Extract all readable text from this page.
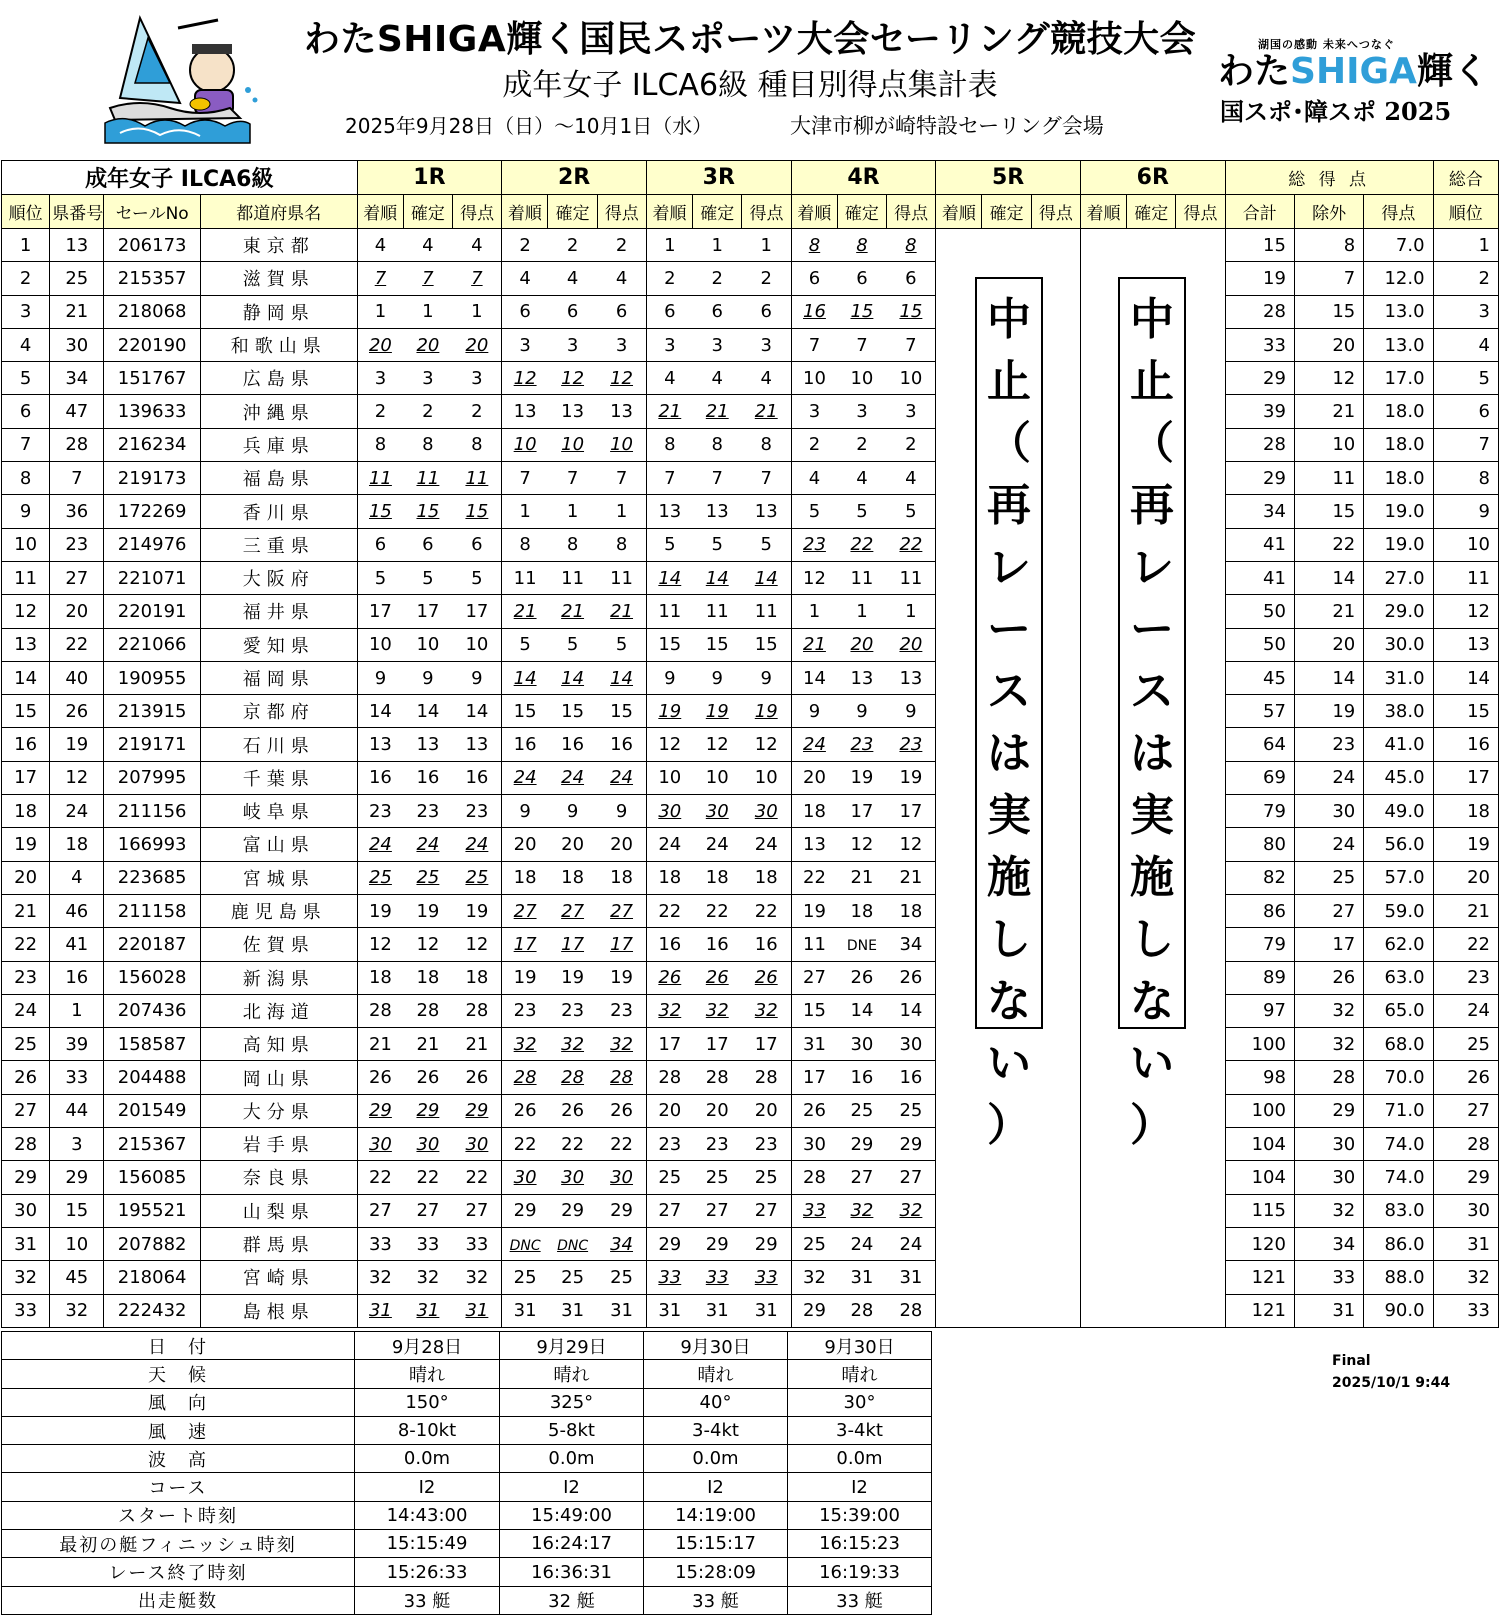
わたSHIGA輝く国民スポーツ大会セーリング競技大会
成年女子 ILCA6級 種目別得点集計表
2025年9月28日（日）～10月1日（水）	大津市柳が崎特設セーリング会場
湖国の感動 未来へつなぐ
わたSHIGA輝く
国スポ･障スポ 2025
成年女子 ILCA6級				1R			2R			3R			4R			5R			6R			総 得 点			総合
順位	県番号	セールNo	都道府県名	着順	確定	得点	着順	確定	得点	着順	確定	得点	着順	確定	得点	着順	確定	得点	着順	確定	得点	合計	除外	得点	順位
1	13	206173	東京都	4	4	4	2	2	2	1	1	1	8	8	8							15	8	7.0	1
2	25	215357	滋賀県	7	7	7	4	4	4	2	2	2	6	6	6							19	7	12.0	2
3	21	218068	静岡県	1	1	1	6	6	6	6	6	6	16	15	15							28	15	13.0	3
4	30	220190	和歌山県	20	20	20	3	3	3	3	3	3	7	7	7							33	20	13.0	4
5	34	151767	広島県	3	3	3	12	12	12	4	4	4	10	10	10							29	12	17.0	5
6	47	139633	沖縄県	2	2	2	13	13	13	21	21	21	3	3	3							39	21	18.0	6
7	28	216234	兵庫県	8	8	8	10	10	10	8	8	8	2	2	2							28	10	18.0	7
8	7	219173	福島県	11	11	11	7	7	7	7	7	7	4	4	4							29	11	18.0	8
9	36	172269	香川県	15	15	15	1	1	1	13	13	13	5	5	5							34	15	19.0	9
10	23	214976	三重県	6	6	6	8	8	8	5	5	5	23	22	22							41	22	19.0	10
11	27	221071	大阪府	5	5	5	11	11	11	14	14	14	12	11	11							41	14	27.0	11
12	20	220191	福井県	17	17	17	21	21	21	11	11	11	1	1	1							50	21	29.0	12
13	22	221066	愛知県	10	10	10	5	5	5	15	15	15	21	20	20							50	20	30.0	13
14	40	190955	福岡県	9	9	9	14	14	14	9	9	9	14	13	13							45	14	31.0	14
15	26	213915	京都府	14	14	14	15	15	15	19	19	19	9	9	9							57	19	38.0	15
16	19	219171	石川県	13	13	13	16	16	16	12	12	12	24	23	23							64	23	41.0	16
17	12	207995	千葉県	16	16	16	24	24	24	10	10	10	20	19	19							69	24	45.0	17
18	24	211156	岐阜県	23	23	23	9	9	9	30	30	30	18	17	17							79	30	49.0	18
19	18	166993	富山県	24	24	24	20	20	20	24	24	24	13	12	12							80	24	56.0	19
20	4	223685	宮城県	25	25	25	18	18	18	18	18	18	22	21	21							82	25	57.0	20
21	46	211158	鹿児島県	19	19	19	27	27	27	22	22	22	19	18	18							86	27	59.0	21
22	41	220187	佐賀県	12	12	12	17	17	17	16	16	16	11	DNE	34							79	17	62.0	22
23	16	156028	新潟県	18	18	18	19	19	19	26	26	26	27	26	26							89	26	63.0	23
24	1	207436	北海道	28	28	28	23	23	23	32	32	32	15	14	14							97	32	65.0	24
25	39	158587	高知県	21	21	21	32	32	32	17	17	17	31	30	30							100	32	68.0	25
26	33	204488	岡山県	26	26	26	28	28	28	28	28	28	17	16	16							98	28	70.0	26
27	44	201549	大分県	29	29	29	26	26	26	20	20	20	26	25	25							100	29	71.0	27
28	3	215367	岩手県	30	30	30	22	22	22	23	23	23	30	29	29							104	30	74.0	28
29	29	156085	奈良県	22	22	22	30	30	30	25	25	25	28	27	27							104	30	74.0	29
30	15	195521	山梨県	27	27	27	29	29	29	27	27	27	33	32	32							115	32	83.0	30
31	10	207882	群馬県	33	33	33	DNC	DNC	34	29	29	29	25	24	24							120	34	86.0	31
32	45	218064	宮崎県	32	32	32	25	25	25	33	33	33	32	31	31							121	33	88.0	32
33	32	222432	島根県	31	31	31	31	31	31	31	31	31	29	28	28							121	31	90.0	33
中
止
（
再
レ
ー
ス
は
実
施
し
な
い
）
中
止
（
再
レ
ー
ス
は
実
施
し
な
い
）
日　付	9月28日	9月29日	9月30日	9月30日	
天　候	晴れ	晴れ	晴れ	晴れ	
風　向	150°	325°	40°	30°	
風　速	8-10kt	5-8kt	3-4kt	3-4kt	
波　高	0.0m	0.0m	0.0m	0.0m	
コース	I2	I2	I2	I2	
スタート時刻	14:43:00	15:49:00	14:19:00	15:39:00	
最初の艇フィニッシュ時刻	15:15:49	16:24:17	15:15:17	16:15:23	
レース終了時刻	15:26:33	16:36:31	15:28:09	16:19:33	
出走艇数	33 艇	32 艇	33 艇	33 艇	
Final
2025/10/1 9:44
